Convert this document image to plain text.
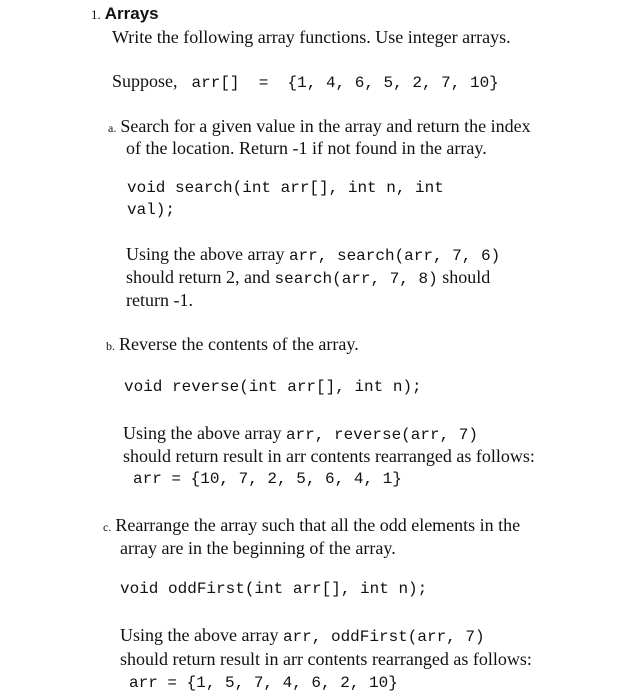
1. Arrays
Write the following array functions. Use integer arrays.
Suppose, arr[]  =  {1, 4, 6, 5, 2, 7, 10}
a. Search for a given value in the array and return the index
of the location. Return -1 if not found in the array.
void search(int arr[], int n, int
val);
Using the above array arr, search(arr, 7, 6)
should return 2, and search(arr, 7, 8) should
return -1.
b. Reverse the contents of the array.
void reverse(int arr[], int n);
Using the above array arr, reverse(arr, 7)
should return result in arr contents rearranged as follows:
arr = {10, 7, 2, 5, 6, 4, 1}
c. Rearrange the array such that all the odd elements in the
array are in the beginning of the array.
void oddFirst(int arr[], int n);
Using the above array arr, oddFirst(arr, 7)
should return result in arr contents rearranged as follows:
arr = {1, 5, 7, 4, 6, 2, 10}
